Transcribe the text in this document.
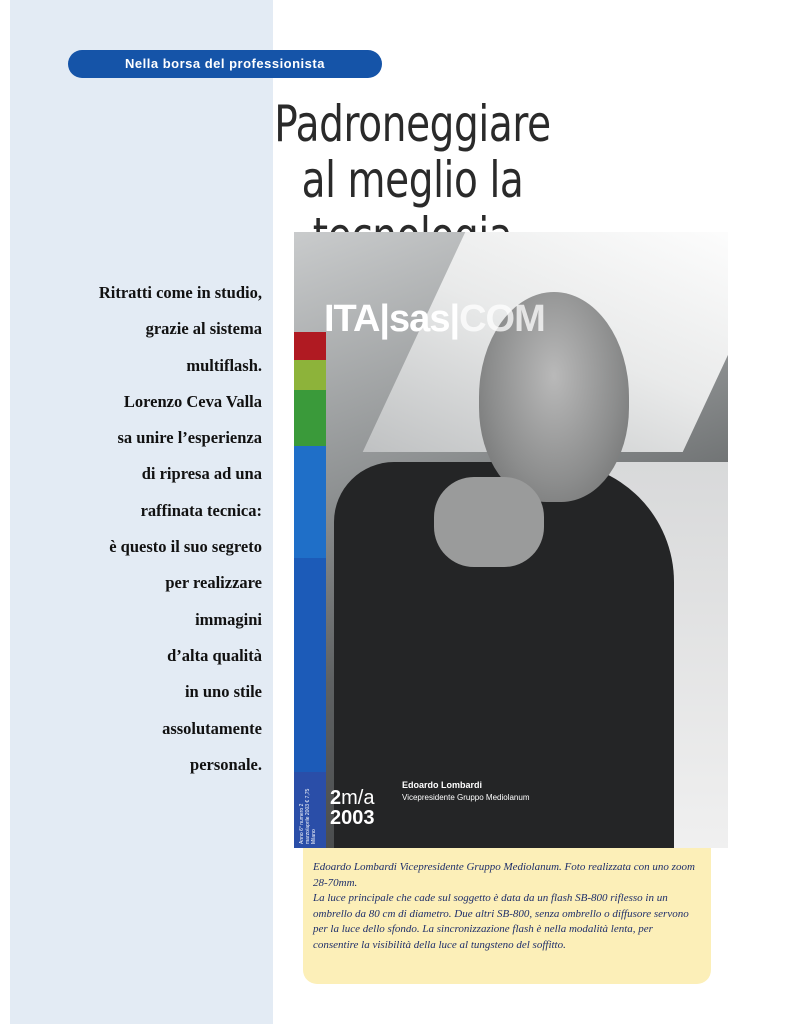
Nella borsa del professionista
Padroneggiare
al meglio la
Ritratti come in studio,
grazie al sistema
multiflash.
Lorenzo Ceva Valla
sa unire l’esperienza
di ripresa ad una
raffinata tecnica:
è questo il suo segreto
per realizzare
immagini
d’alta qualità
in uno stile
assolutamente
personale.
ITA|sas|COM
Anno 6° numero 2 marzo/aprile 2003 € 7,75 Milano
2m/a
2003
Edoardo Lombardi
Vicepresidente Gruppo Mediolanum

Edoardo Lombardi Vicepresidente Gruppo Mediolanum. Foto realizzata con uno zoom 28-70mm.

La luce principale che cade sul soggetto è data da un flash SB-800 riflesso in un ombrello da 80 cm di diametro. Due altri SB-800, senza ombrello o diffusore servono per la luce dello sfondo. La sincronizzazione flash è nella modalità lenta, per consentire la visibilità della luce al tungsteno del soffitto.
